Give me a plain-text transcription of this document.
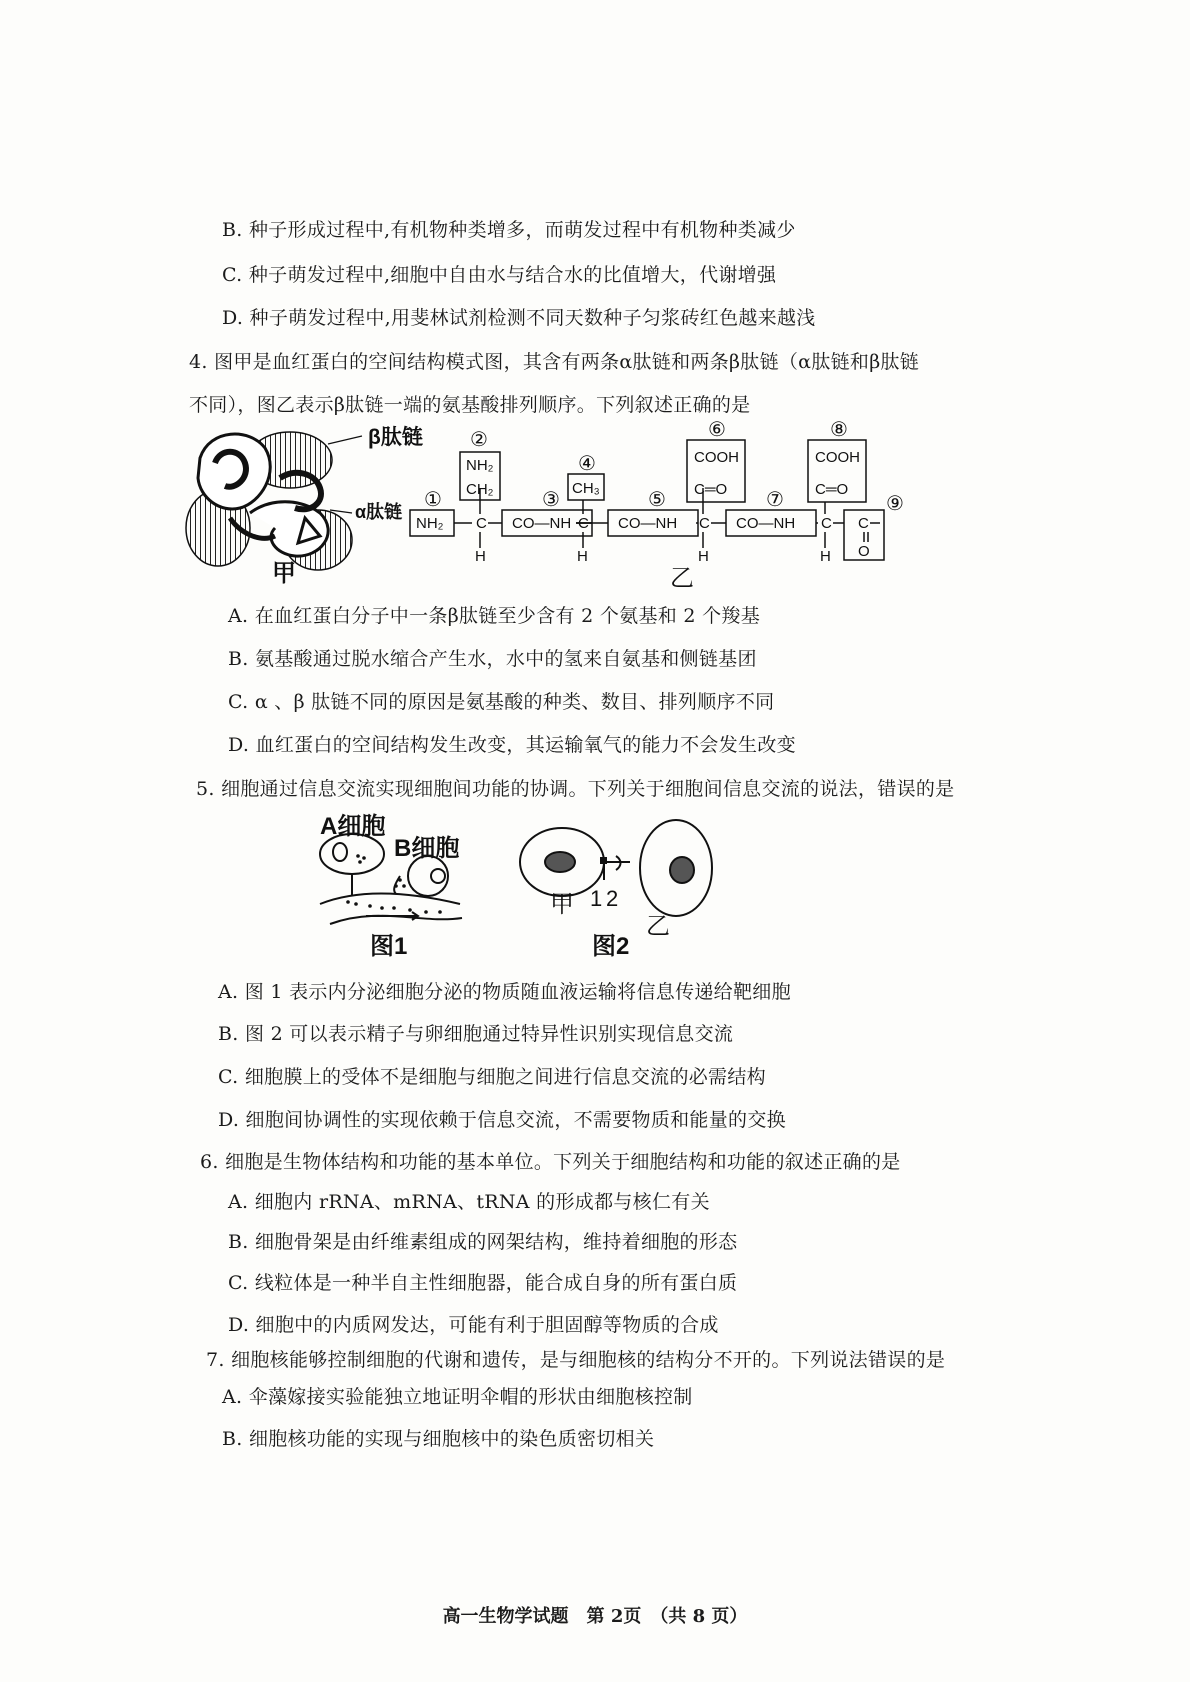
B. 种子形成过程中,有机物种类增多，而萌发过程中有机物种类减少
C. 种子萌发过程中,细胞中自由水与结合水的比值增大，代谢增强
D. 种子萌发过程中,用斐林试剂检测不同天数种子匀浆砖红色越来越浅
4. 图甲是血红蛋白的空间结构模式图，其含有两条α肽链和两条β肽链（α肽链和β肽链
不同），图乙表示β肽链一端的氨基酸排列顺序。下列叙述正确的是
β肽链
α肽链
甲
NH₂ C
H
NH₂
CH₂
CO—NH C
H
CH₃
CO—NH C
H
COOH
C═O
CO—NH C
H
COOH
C═O
C
O
①
②
③
④
⑤
⑥
⑦
⑧
⑨
乙
A. 在血红蛋白分子中一条β肽链至少含有 2 个氨基和 2 个羧基
B. 氨基酸通过脱水缩合产生水，水中的氢来自氨基和侧链基团
C. α 、β 肽链不同的原因是氨基酸的种类、数目、排列顺序不同
D. 血红蛋白的空间结构发生改变，其运输氧气的能力不会发生改变
5. 细胞通过信息交流实现细胞间功能的协调。下列关于细胞间信息交流的说法，错误的是
A细胞
B细胞
图1
甲 1 2
乙
图2
A. 图 1 表示内分泌细胞分泌的物质随血液运输将信息传递给靶细胞
B. 图 2 可以表示精子与卵细胞通过特异性识别实现信息交流
C. 细胞膜上的受体不是细胞与细胞之间进行信息交流的必需结构
D. 细胞间协调性的实现依赖于信息交流，不需要物质和能量的交换
6. 细胞是生物体结构和功能的基本单位。下列关于细胞结构和功能的叙述正确的是
A. 细胞内 rRNA、mRNA、tRNA 的形成都与核仁有关
B. 细胞骨架是由纤维素组成的网架结构，维持着细胞的形态
C. 线粒体是一种半自主性细胞器，能合成自身的所有蛋白质
D. 细胞中的内质网发达，可能有利于胆固醇等物质的合成
7. 细胞核能够控制细胞的代谢和遗传，是与细胞核的结构分不开的。下列说法错误的是
A. 伞藻嫁接实验能独立地证明伞帽的形状由细胞核控制
B. 细胞核功能的实现与细胞核中的染色质密切相关
高一生物学试题　第 2页　（共 8 页）
